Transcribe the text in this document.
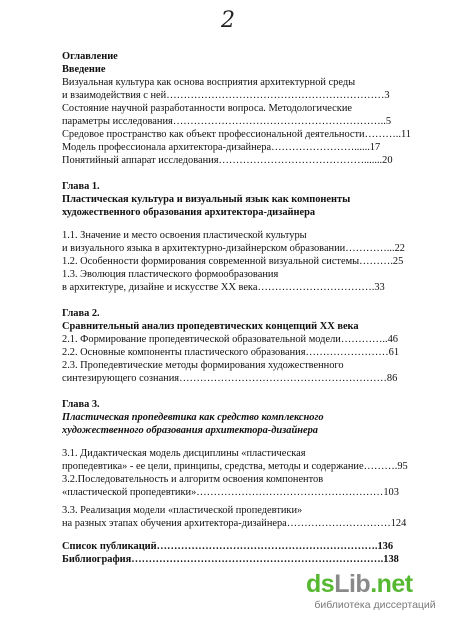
2
Оглавление
Введение
Визуальная культура как основа восприятия архитектурной среды
и взаимодействия с ней………………………………………………………3
Состояние научной разработанности вопроса. Методологические
параметры исследования……………………………………………………..5
Средовое пространство как объект профессиональной деятельности………..11
Модель профессионала архитектора-дизайнера……………………......17
Понятийный аппарат исследования…………………………………….......20
Глава 1.
Пластическая культура и визуальный язык как компоненты
художественного образования архитектора-дизайнера
1.1. Значение и место освоения пластической культуры
и визуального языка в архитектурно-дизайнерском образовании…………...22
1.2. Особенности формирования современной визуальной системы……….25
1.3. Эволюция пластического формообразования
в архитектуре, дизайне и искусстве XX века…………………………….33
Глава 2.
Сравнительный анализ пропедевтических концепций XX века
2.1. Формирование пропедевтической образовательной модели…………..46
2.2. Основные компоненты пластического образования……………………61
2.3. Пропедевтические методы формирования художественного
синтезирующего сознания……………………………………………………86
Глава 3.
Пластическая пропедевтика как средство комплексного
художественного образования архитектора-дизайнера
3.1. Дидактическая модель дисциплины «пластическая
пропедевтика» - ее цели, принципы, средства, методы и содержание……….95
3.2.Последовательность и алгоритм освоения компонентов
«пластической пропедевтики»………………………………………………103
3.3. Реализация модели «пластической пропедевтики»
на разных этапах обучения архитектора-дизайнера…………………………124
Список публикаций……………………………………………………….136
Библиография……………………………………………………………….138
dsLib.net
библиотека диссертаций
